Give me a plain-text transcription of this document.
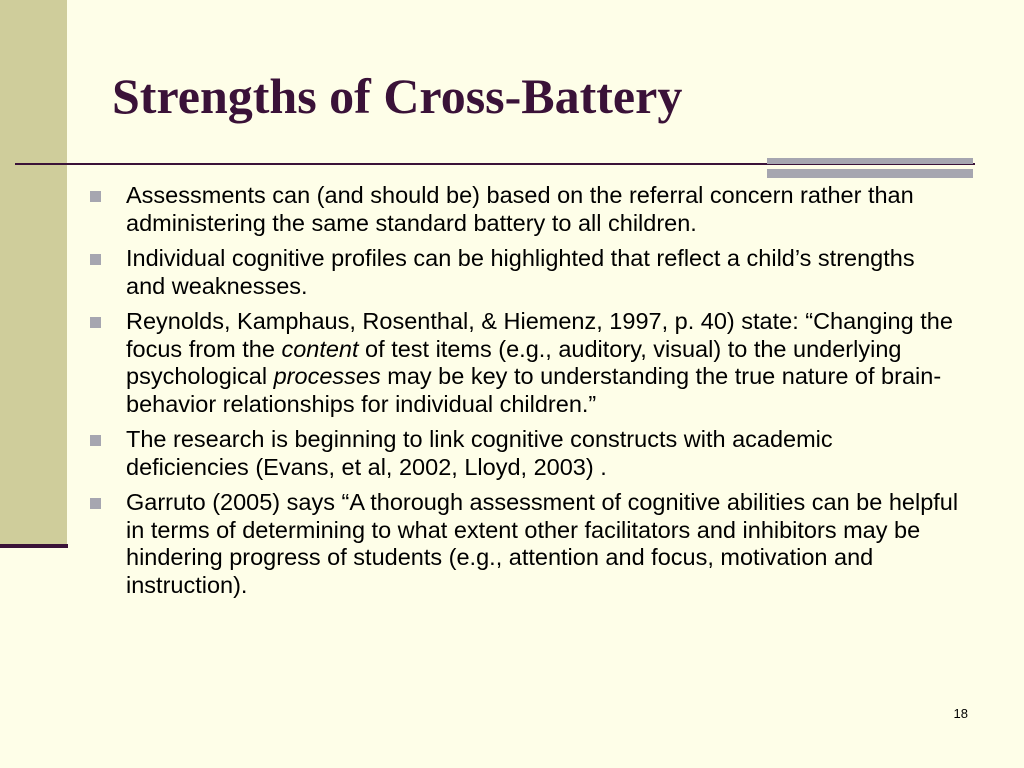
Strengths of Cross-Battery
Assessments can (and should be) based on the referral concern rather than administering the same standard battery to all children.
Individual cognitive profiles can be highlighted that reflect a child’s strengths and weaknesses.
Reynolds, Kamphaus, Rosenthal, & Hiemenz, 1997, p. 40) state: “Changing the focus from the content of test items (e.g., auditory, visual) to the underlying psychological processes may be key to understanding the true nature of brain-behavior relationships for individual children.”
The research is beginning to link cognitive constructs with academic deficiencies (Evans, et al, 2002, Lloyd, 2003) .
Garruto (2005) says “A thorough assessment of cognitive abilities can be helpful in terms of determining to what extent other facilitators and inhibitors may be hindering progress of students (e.g., attention and focus, motivation and instruction).
18
